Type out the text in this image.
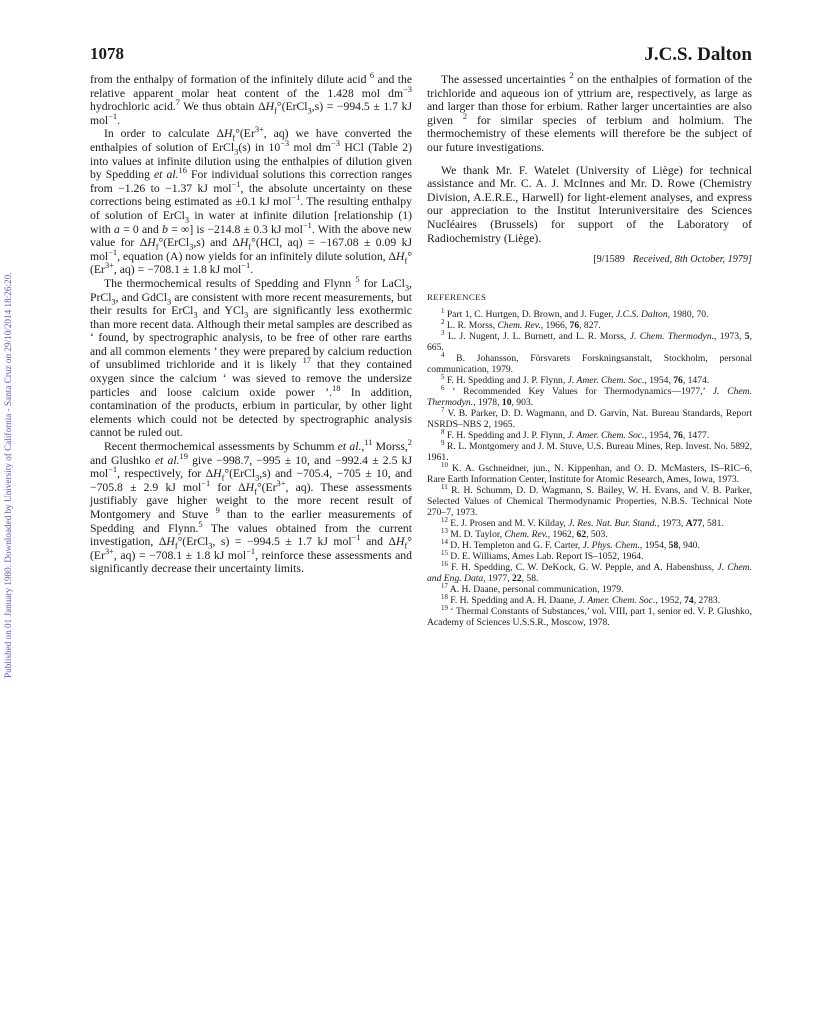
1078	J.C.S. Dalton
Published on 01 January 1980. Downloaded by University of California - Santa Cruz on 29/10/2014 18:26:20.

from the enthalpy of formation of the infinitely dilute acid $^6$ and the relative apparent molar heat content of the 1.428 mol $dm^{-3}$ hydrochloric acid.$^7$ We thus obtain $\Delta H_f^\circ(ErCl_3,s) = -994.5 \pm 1.7$ kJ mol$^{-1}$.

In order to calculate $\Delta H_f^\circ(Er^{3+}$, aq) we have converted the enthalpies of solution of ErCl$_3$(s) in $10^{-3}$ mol $dm^{-3}$ HCl (Table 2) into values at infinite dilution using the enthalpies of dilution given by Spedding et al.$^{16}$ For individual solutions this correction ranges from −1.26 to −1.37 kJ mol$^{-1}$, the absolute uncertainty on these corrections being estimated as ±0.1 kJ mol$^{-1}$. The resulting enthalpy of solution of ErCl$_3$ in water at infinite dilution [relationship (1) with a = 0 and b = ∞] is −214.8 ± 0.3 kJ mol$^{-1}$. With the above new value for $\Delta H_f^\circ(ErCl_3,s)$ and $\Delta H_f^\circ(HCl$, aq) = −167.08 ± 0.09 kJ mol$^{-1}$, equation (A) now yields for an infinitely dilute solution, $\Delta H_f^\circ(Er^{3+}$, aq) = −708.1 ± 1.8 kJ mol$^{-1}$.

The thermochemical results of Spedding and Flynn $^5$ for LaCl$_3$, PrCl$_3$, and GdCl$_3$ are consistent with more recent measurements, but their results for ErCl$_3$ and YCl$_3$ are significantly less exothermic than more recent data. Although their metal samples are described as ‘ found, by spectrographic analysis, to be free of other rare earths and all common elements ’ they were prepared by calcium reduction of unsublimed trichloride and it is likely $^{17}$ that they contained oxygen since the calcium ‘ was sieved to remove the undersize particles and loose calcium oxide power ’.$^{18}$ In addition, contamination of the products, erbium in particular, by other light elements which could not be detected by spectrographic analysis cannot be ruled out.

Recent thermochemical assessments by Schumm et al.,$^{11}$ Morss,$^2$ and Glushko et al.$^{19}$ give −998.7, −995 ± 10, and −992.4 ± 2.5 kJ mol$^{-1}$, respectively, for $\Delta H_f^\circ(ErCl_3,s)$ and −705.4, −705 ± 10, and −705.8 ± 2.9 kJ mol$^{-1}$ for $\Delta H_f^\circ(Er^{3+}$, aq). These assessments justifiably gave higher weight to the more recent result of Montgomery and Stuve $^9$ than to the earlier measurements of Spedding and Flynn.$^5$ The values obtained from the current investigation, $\Delta H_f^\circ(ErCl_3$, s) = −994.5 ± 1.7 kJ mol$^{-1}$ and $\Delta H_f^\circ(Er^{3+}$, aq) = −708.1 ± 1.8 kJ mol$^{-1}$, reinforce these assessments and significantly decrease their uncertainty limits.

The assessed uncertainties $^2$ on the enthalpies of formation of the trichloride and aqueous ion of yttrium are, respectively, as large as and larger than those for erbium. Rather larger uncertainties are also given $^2$ for similar species of terbium and holmium. The thermochemistry of these elements will therefore be the subject of our future investigations.

We thank Mr. F. Watelet (University of Liège) for technical assistance and Mr. C. A. J. McInnes and Mr. D. Rowe (Chemistry Division, A.E.R.E., Harwell) for light-element analyses, and express our appreciation to the Institut Interuniversitaire des Sciences Nucléaires (Brussels) for support of the Laboratory of Radiochemistry (Liège).

[9/1589 Received, 8th October, 1979]
REFERENCES

$^1$ Part 1, C. Hurtgen, D. Brown, and J. Fuger, J.C.S. Dalton, 1980, 70.

$^2$ L. R. Morss, Chem. Rev., 1966, 76, 827.

$^3$ L. J. Nugent, J. L. Burnett, and L. R. Morss, J. Chem. Thermodyn., 1973, 5, 665.

$^4$ B. Johansson, Försvarets Forskningsanstalt, Stockholm, personal communication, 1979.

$^5$ F. H. Spedding and J. P. Flynn, J. Amer. Chem. Soc., 1954, 76, 1474.

$^6$ ‘ Recommended Key Values for Thermodynamics—1977,’ J. Chem. Thermodyn., 1978, 10, 903.

$^7$ V. B. Parker, D. D. Wagmann, and D. Garvin, Nat. Bureau Standards, Report NSRDS–NBS 2, 1965.

$^8$ F. H. Spedding and J. P. Flynn, J. Amer. Chem. Soc., 1954, 76, 1477.

$^9$ R. L. Montgomery and J. M. Stuve, U.S. Bureau Mines, Rep. Invest. No. 5892, 1961.

$^{10}$ K. A. Gschneidner, jun., N. Kippenhan, and O. D. McMasters, IS–RIC–6, Rare Earth Information Center, Institute for Atomic Research, Ames, Iowa, 1973.

$^{11}$ R. H. Schumm, D. D. Wagmann, S. Bailey, W. H. Evans, and V. B. Parker, Selected Values of Chemical Thermodynamic Properties, N.B.S. Technical Note 270–7, 1973.

$^{12}$ E. J. Prosen and M. V. Kilday, J. Res. Nat. Bur. Stand., 1973, A77, 581.

$^{13}$ M. D. Taylor, Chem. Rev., 1962, 62, 503.

$^{14}$ D. H. Templeton and G. F. Carter, J. Phys. Chem., 1954, 58, 940.

$^{15}$ D. E. Williams, Ames Lab. Report IS–1052, 1964.

$^{16}$ F. H. Spedding, C. W. DeKock, G. W. Pepple, and A. Habenshuss, J. Chem. and Eng. Data, 1977, 22, 58.

$^{17}$ A. H. Daane, personal communication, 1979.

$^{18}$ F. H. Spedding and A. H. Daane, J. Amer. Chem. Soc., 1952, 74, 2783.

$^{19}$ ‘ Thermal Constants of Substances,’ vol. VIII, part 1, senior ed. V. P. Glushko, Academy of Sciences U.S.S.R., Moscow, 1978.
